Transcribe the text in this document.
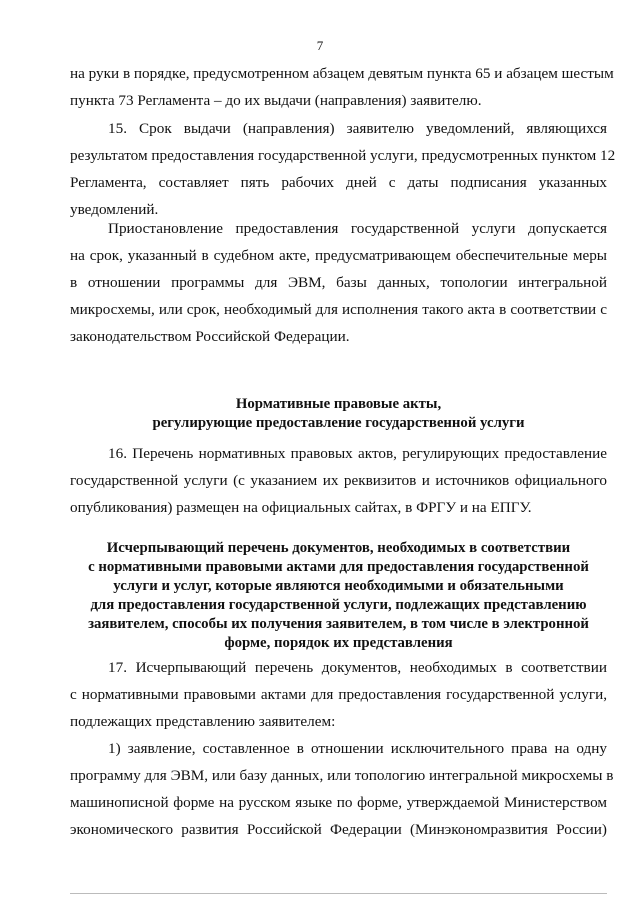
7
на руки в порядке, предусмотренном абзацем девятым пункта 65 и абзацем шестым
пункта 73 Регламента – до их выдачи (направления) заявителю.
15. Срок выдачи (направления) заявителю уведомлений, являющихся
результатом предоставления государственной услуги, предусмотренных пунктом 12
Регламента, составляет пять рабочих дней с даты подписания указанных
уведомлений.
Приостановление предоставления государственной услуги допускается
на срок, указанный в судебном акте, предусматривающем обеспечительные меры
в отношении программы для ЭВМ, базы данных, топологии интегральной
микросхемы, или срок, необходимый для исполнения такого акта в соответствии с
законодательством Российской Федерации.
Нормативные правовые акты,
регулирующие предоставление государственной услуги
16. Перечень нормативных правовых актов, регулирующих предоставление
государственной услуги (с указанием их реквизитов и источников официального
опубликования) размещен на официальных сайтах, в ФРГУ и на ЕПГУ.
Исчерпывающий перечень документов, необходимых в соответствии
с нормативными правовыми актами для предоставления государственной
услуги и услуг, которые являются необходимыми и обязательными
для предоставления государственной услуги, подлежащих представлению
заявителем, способы их получения заявителем, в том числе в электронной
форме, порядок их представления
17. Исчерпывающий перечень документов, необходимых в соответствии
с нормативными правовыми актами для предоставления государственной услуги,
подлежащих представлению заявителем:
1) заявление, составленное в отношении исключительного права на одну
программу для ЭВМ, или базу данных, или топологию интегральной микросхемы в
машинописной форме на русском языке по форме, утверждаемой Министерством
экономического развития Российской Федерации (Минэкономразвития России)
